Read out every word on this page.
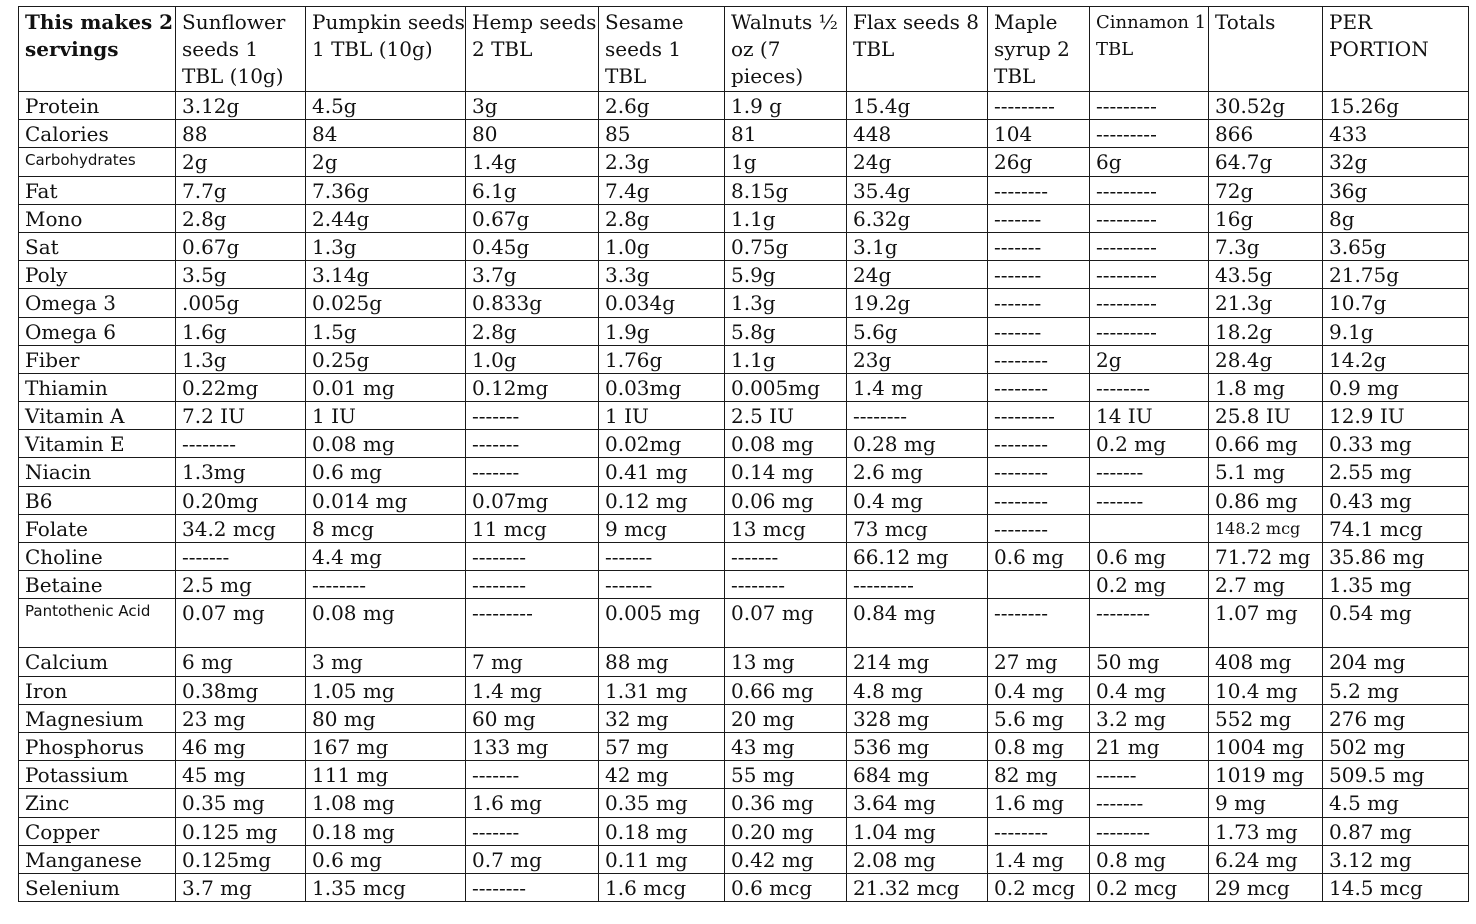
This makes 2 servings	Sunflower seeds 1 TBL (10g)	Pumpkin seeds 1 TBL (10g)	Hemp seeds 2 TBL	Sesame seeds 1 TBL	Walnuts ½ oz (7 pieces)	Flax seeds 8 TBL	Maple syrup 2 TBL	Cinnamon 1 TBL	Totals	PER PORTION
Protein	3.12g	4.5g	3g	2.6g	1.9 g	15.4g	---------	---------	30.52g	15.26g
Calories	88	84	80	85	81	448	104	---------	866	433
Carbohydrates	2g	2g	1.4g	2.3g	1g	24g	26g	6g	64.7g	32g
Fat	7.7g	7.36g	6.1g	7.4g	8.15g	35.4g	--------	---------	72g	36g
Mono	2.8g	2.44g	0.67g	2.8g	1.1g	6.32g	-------	---------	16g	8g
Sat	0.67g	1.3g	0.45g	1.0g	0.75g	3.1g	-------	---------	7.3g	3.65g
Poly	3.5g	3.14g	3.7g	3.3g	5.9g	24g	-------	---------	43.5g	21.75g
Omega 3	.005g	0.025g	0.833g	0.034g	1.3g	19.2g	-------	---------	21.3g	10.7g
Omega 6	1.6g	1.5g	2.8g	1.9g	5.8g	5.6g	-------	---------	18.2g	9.1g
Fiber	1.3g	0.25g	1.0g	1.76g	1.1g	23g	--------	2g	28.4g	14.2g
Thiamin	0.22mg	0.01 mg	0.12mg	0.03mg	0.005mg	1.4 mg	--------	--------	1.8 mg	0.9 mg
Vitamin A	7.2 IU	1 IU	-------	1 IU	2.5 IU	--------	---------	14 IU	25.8 IU	12.9 IU
Vitamin E	--------	0.08 mg	-------	0.02mg	0.08 mg	0.28 mg	--------	0.2 mg	0.66 mg	0.33 mg
Niacin	1.3mg	0.6 mg	-------	0.41 mg	0.14 mg	2.6 mg	--------	-------	5.1 mg	2.55 mg
B6	0.20mg	0.014 mg	0.07mg	0.12 mg	0.06 mg	0.4 mg	--------	-------	0.86 mg	0.43 mg
Folate	34.2 mcg	8 mcg	11 mcg	9 mcg	13 mcg	73 mcg	--------		148.2 mcg	74.1 mcg
Choline	-------	4.4 mg	--------	-------	-------	66.12 mg	0.6 mg	0.6 mg	71.72 mg	35.86 mg
Betaine	2.5 mg	--------	--------	-------	--------	---------		0.2 mg	2.7 mg	1.35 mg
Pantothenic Acid	0.07 mg	0.08 mg	---------	0.005 mg	0.07 mg	0.84 mg	--------	--------	1.07 mg	0.54 mg
Calcium	6 mg	3 mg	7 mg	88 mg	13 mg	214 mg	27 mg	50 mg	408 mg	204 mg
Iron	0.38mg	1.05 mg	1.4 mg	1.31 mg	0.66 mg	4.8 mg	0.4 mg	0.4 mg	10.4 mg	5.2 mg
Magnesium	23 mg	80 mg	60 mg	32 mg	20 mg	328 mg	5.6 mg	3.2 mg	552 mg	276 mg
Phosphorus	46 mg	167 mg	133 mg	57 mg	43 mg	536 mg	0.8 mg	21 mg	1004 mg	502 mg
Potassium	45 mg	111 mg	-------	42 mg	55 mg	684 mg	82 mg	------	1019 mg	509.5 mg
Zinc	0.35 mg	1.08 mg	1.6 mg	0.35 mg	0.36 mg	3.64 mg	1.6 mg	-------	9 mg	4.5 mg
Copper	0.125 mg	0.18 mg	-------	0.18 mg	0.20 mg	1.04 mg	--------	--------	1.73 mg	0.87 mg
Manganese	0.125mg	0.6 mg	0.7 mg	0.11 mg	0.42 mg	2.08 mg	1.4 mg	0.8 mg	6.24 mg	3.12 mg
Selenium	3.7 mg	1.35 mcg	--------	1.6 mcg	0.6 mcg	21.32 mcg	0.2 mcg	0.2 mcg	29 mcg	14.5 mcg
